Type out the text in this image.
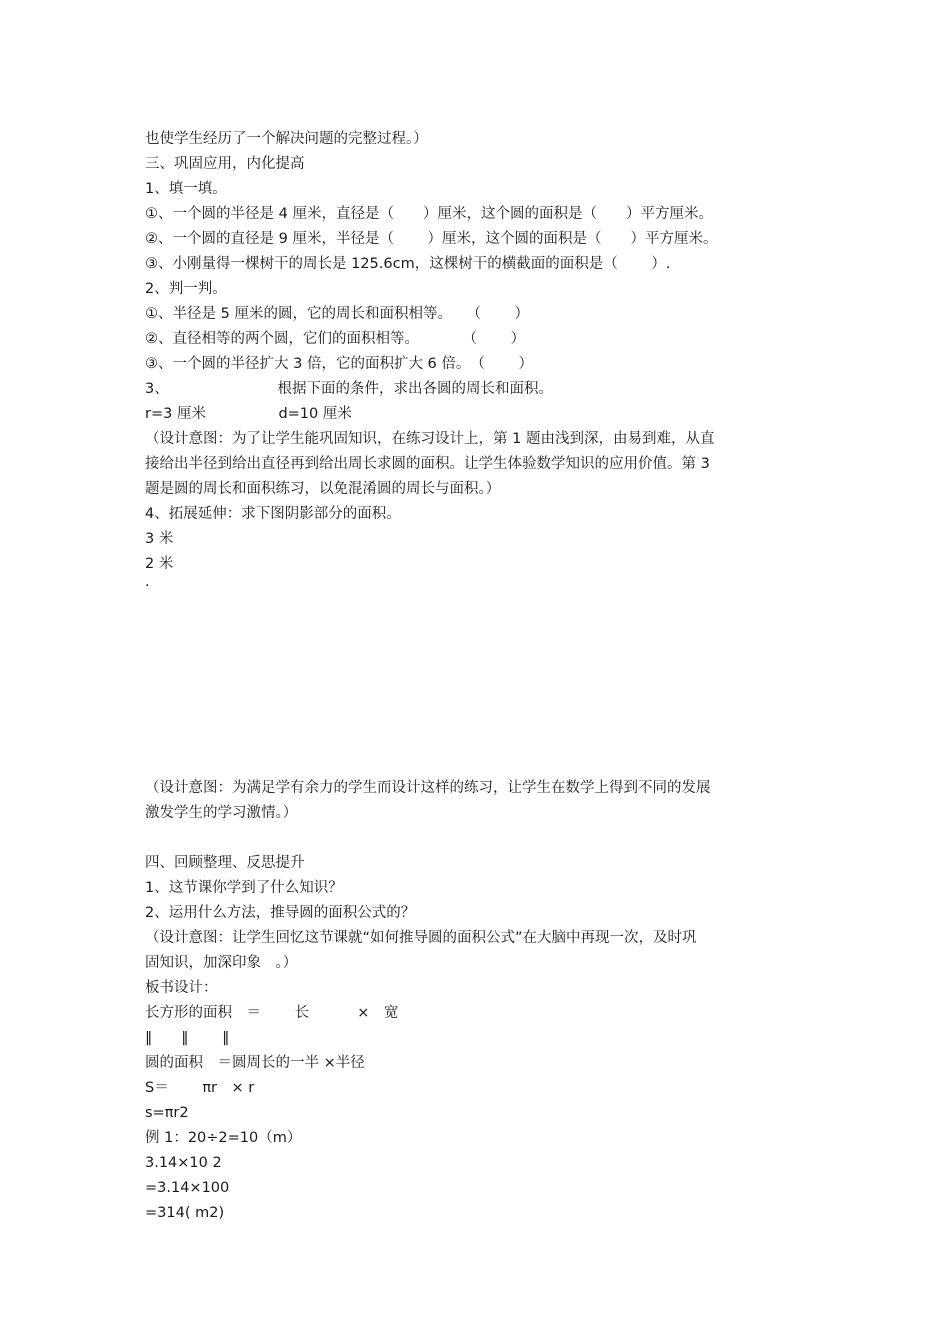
也使学生经历了一个解决问题的完整过程。）
三、巩固应用，内化提高
1、填一填。
①、一个圆的半径是 4 厘米，直径是（　　）厘米，这个圆的面积是（　　）平方厘米。
②、一个圆的直径是 9 厘米，半径是（　　 ）厘米，这个圆的面积是（　　）平方厘米。
③、小刚量得一棵树干的周长是 125.6cm，这棵树干的横截面的面积是（　　 ）.
2、判一判。
①、半径是 5 厘米的圆，它的周长和面积相等。　　（　　 ）
②、直径相等的两个圆，它们的面积相等。　　　　（　　 ）
③、一个圆的半径扩大 3 倍，它的面积扩大 6 倍。　（　　 ）
3、　　　　　　　　根据下面的条件，求出各圆的周长和面积。
r=3 厘米　　　　　d=10 厘米
（设计意图：为了让学生能巩固知识，在练习设计上，第 1 题由浅到深，由易到难，从直
接给出半径到给出直径再到给出周长求圆的面积。让学生体验数学知识的应用价值。第 3
题是圆的周长和面积练习，以免混淆圆的周长与面积。）
4、拓展延伸：求下图阴影部分的面积。
3 米
2 米
·
（设计意图：为满足学有余力的学生而设计这样的练习，让学生在数学上得到不同的发展
激发学生的学习激情。）
四、回顾整理、反思提升
1、这节课你学到了什么知识？
2、运用什么方法，推导圆的面积公式的？
（设计意图：让学生回忆这节课就“如何推导圆的面积公式”在大脑中再现一次，及时巩
固知识，加深印象　。）
板书设计：
长方形的面积　＝　　 长　　　 ×　宽
‖　　‖　　 ‖
圆的面积　＝圆周长的一半 ×半径
S＝　　 πr　× r
s=πr2
例 1：20÷2=10（m）
3.14×10 2
=3.14×100
=314( m2)
